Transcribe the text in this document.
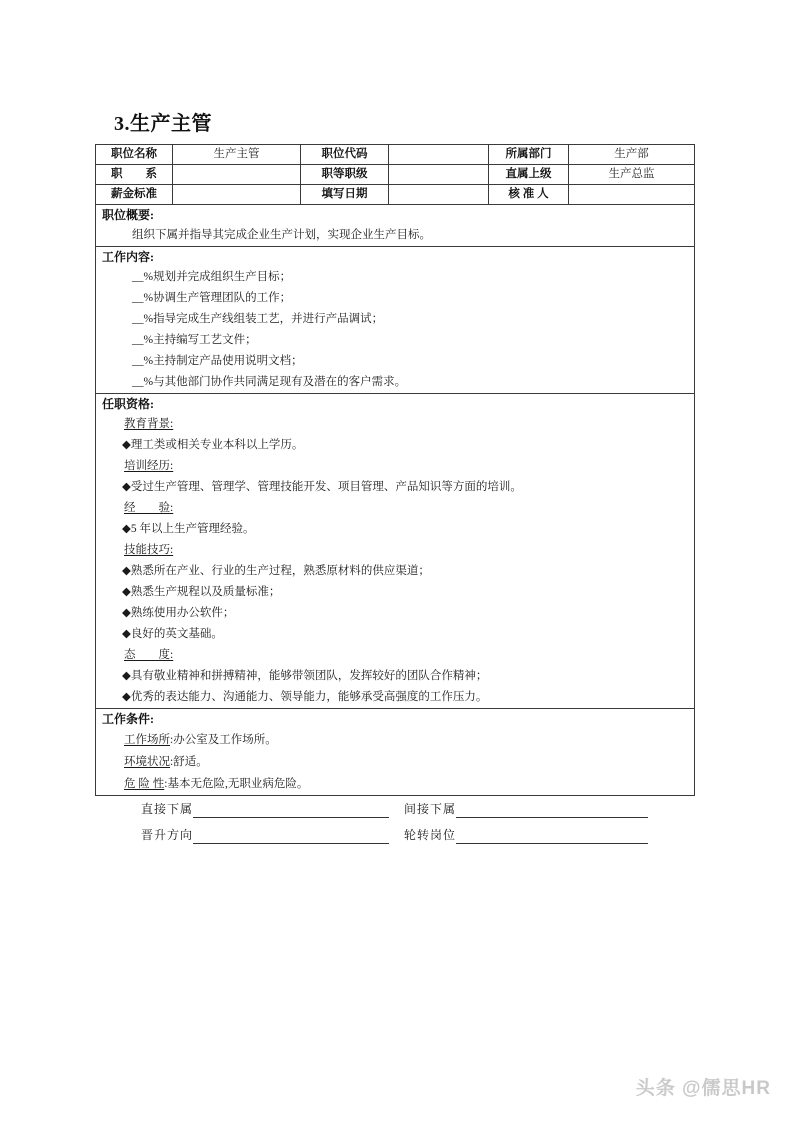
3.生产主管
职位名称	生产主管	职位代码		所属部门	生产部
职　　系		职等职级		直属上级	生产总监
薪金标准		填写日期		核 准 人	

职位概要:
组织下属并指导其完成企业生产计划，实现企业生产目标。					

工作内容:
__%规划并完成组织生产目标；
__%协调生产管理团队的工作；
__%指导完成生产线组装工艺，并进行产品调试；
__%主持编写工艺文件；
__%主持制定产品使用说明文档；
__%与其他部门协作共同满足现有及潜在的客户需求。

任职资格:
教育背景:
◆理工类或相关专业本科以上学历。
培训经历:
◆受过生产管理、管理学、管理技能开发、项目管理、产品知识等方面的培训。
经　　验:
◆5 年以上生产管理经验。
技能技巧:
◆熟悉所在产业、行业的生产过程，熟悉原材料的供应渠道；
◆熟悉生产规程以及质量标准；
◆熟练使用办公软件；
◆良好的英文基础。
态　　度:
◆具有敬业精神和拼搏精神，能够带领团队，发挥较好的团队合作精神；
◆优秀的表达能力、沟通能力、领导能力，能够承受高强度的工作压力。

工作条件:
工作场所:办公室及工作场所。
环境状况:舒适。
危 险 性:基本无危险,无职业病危险。					
直接下属	间接下属
晋升方向	轮转岗位
头条 @儒思HR
